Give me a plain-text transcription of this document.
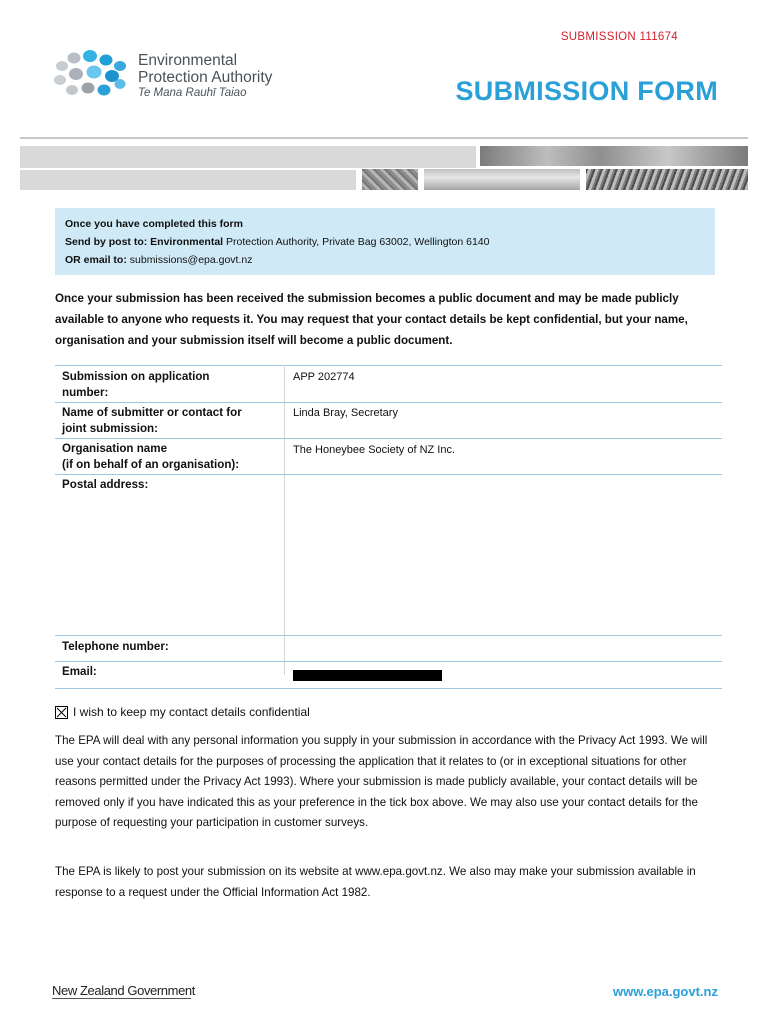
SUBMISSION 111674
Environmental
Protection Authority
Te Mana Rauhī Taiao	SUBMISSION FORM
Once you have completed this form
Send by post to: Environmental Protection Authority, Private Bag 63002, Wellington 6140
OR email to: submissions@epa.govt.nz
Once your submission has been received the submission becomes a public document and may be made publicly available to anyone who requests it. You may request that your contact details be kept confidential, but your name, organisation and your submission itself will become a public document.
Submission on application
number:
APP 202774
Name of submitter or contact for
joint submission:
Linda Bray, Secretary
Organisation name
(if on behalf of an organisation):
The Honeybee Society of NZ Inc.
Postal address:
Telephone number:
Email:
I wish to keep my contact details confidential
The EPA will deal with any personal information you supply in your submission in accordance with the Privacy Act 1993. We will use your contact details for the purposes of processing the application that it relates to (or in exceptional situations for other reasons permitted under the Privacy Act 1993). Where your submission is made publicly available, your contact details will be removed only if you have indicated this as your preference in the tick box above. We may also use your contact details for the purpose of requesting your participation in customer surveys.
The EPA is likely to post your submission on its website at www.epa.govt.nz. We also may make your submission available in response to a request under the Official Information Act 1982.
New Zealand Government	www.epa.govt.nz
